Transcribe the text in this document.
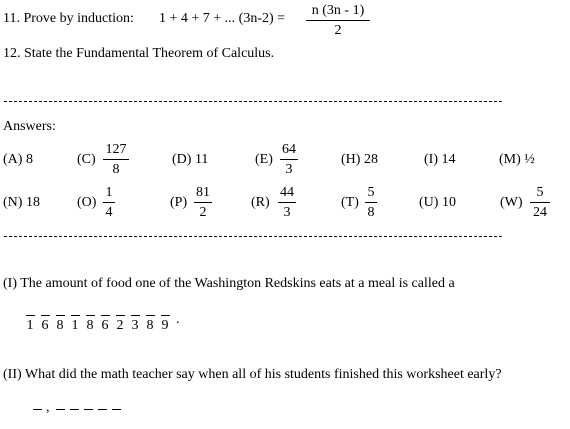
11. Prove by induction: 1 + 4 + 7 + ... $(3n-2) = \frac{n (3n - 1)}{2}$
12. State the Fundamental Theorem of Calculus.
Answers:
(A) 8	$(C) \frac{127}{8}$	(D) 11	$(E) \frac{64}{3}$	(H) 28	(I) 14	(M) ½
(N) 18	$(O) \frac{1}{4}$	$(P) \frac{81}{2}$	$(R) \frac{44}{3}$	$(T) \frac{5}{8}$	(U) 10	$(W) \frac{5}{24}$
(I) The amount of food one of the Washington Redskins eats at a meal is called a
1 6 8 1 8 6 2 3 8 9 .
(II) What did the math teacher say when all of his students finished this worksheet early?
,
